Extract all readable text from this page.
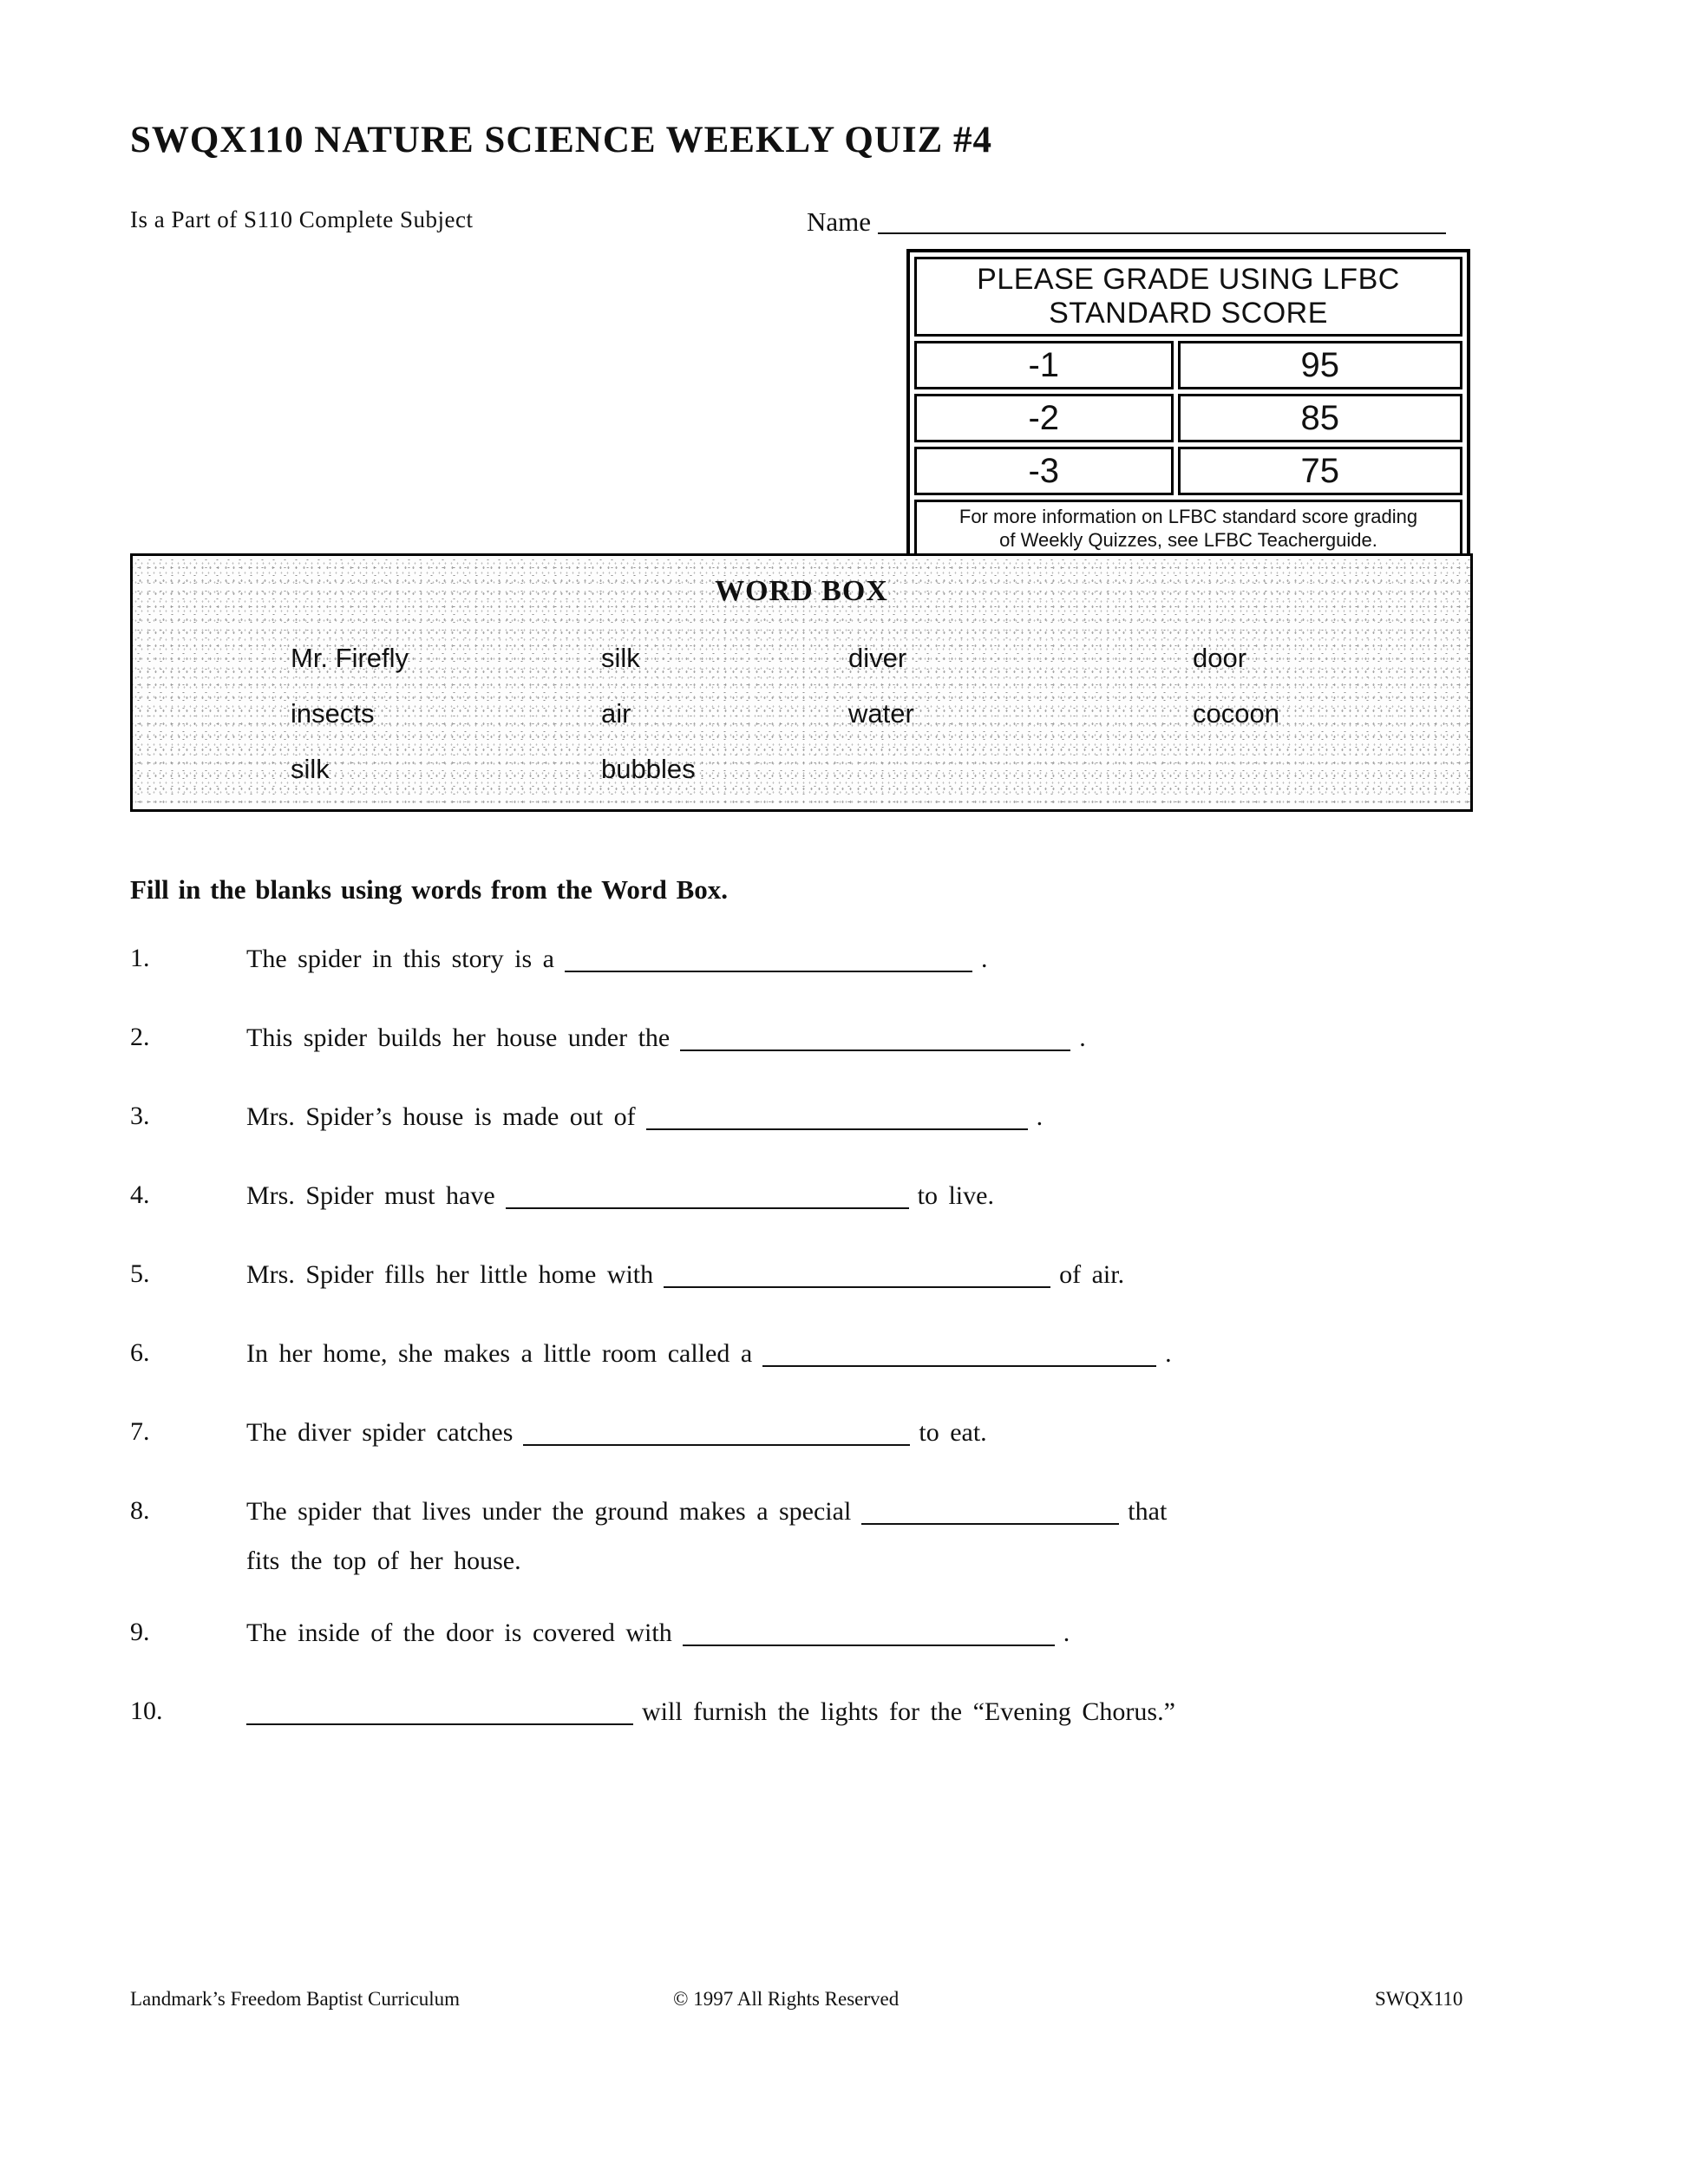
SWQX110 NATURE SCIENCE WEEKLY QUIZ #4
Is a Part of S110 Complete Subject	Name
PLEASE GRADE USING LFBC
STANDARD SCORE	

-1	95
-2	85
-3	75

For more information on LFBC standard score grading
of Weekly Quizzes, see LFBC Teacherguide.	
WORD BOX
Mr. Firefly	silk	diver	door
insects	air	water	cocoon
silk	bubbles
Fill in the blanks using words from the Word Box.
1.	The spider in this story is a	.
2.	This spider builds her house under the	.
3.	Mrs. Spider’s house is made out of	.
4.	Mrs. Spider must have	to live.
5.	Mrs. Spider fills her little home with	of air.
6.	In her home, she makes a little room called a	.
7.	The diver spider catches	to eat.
8.	The spider that lives under the ground makes a special	that
fits the top of her house.
9.	The inside of the door is covered with	.
10.	will furnish the lights for the “Evening Chorus.”
Landmark’s Freedom Baptist Curriculum	© 1997 All Rights Reserved	SWQX110
